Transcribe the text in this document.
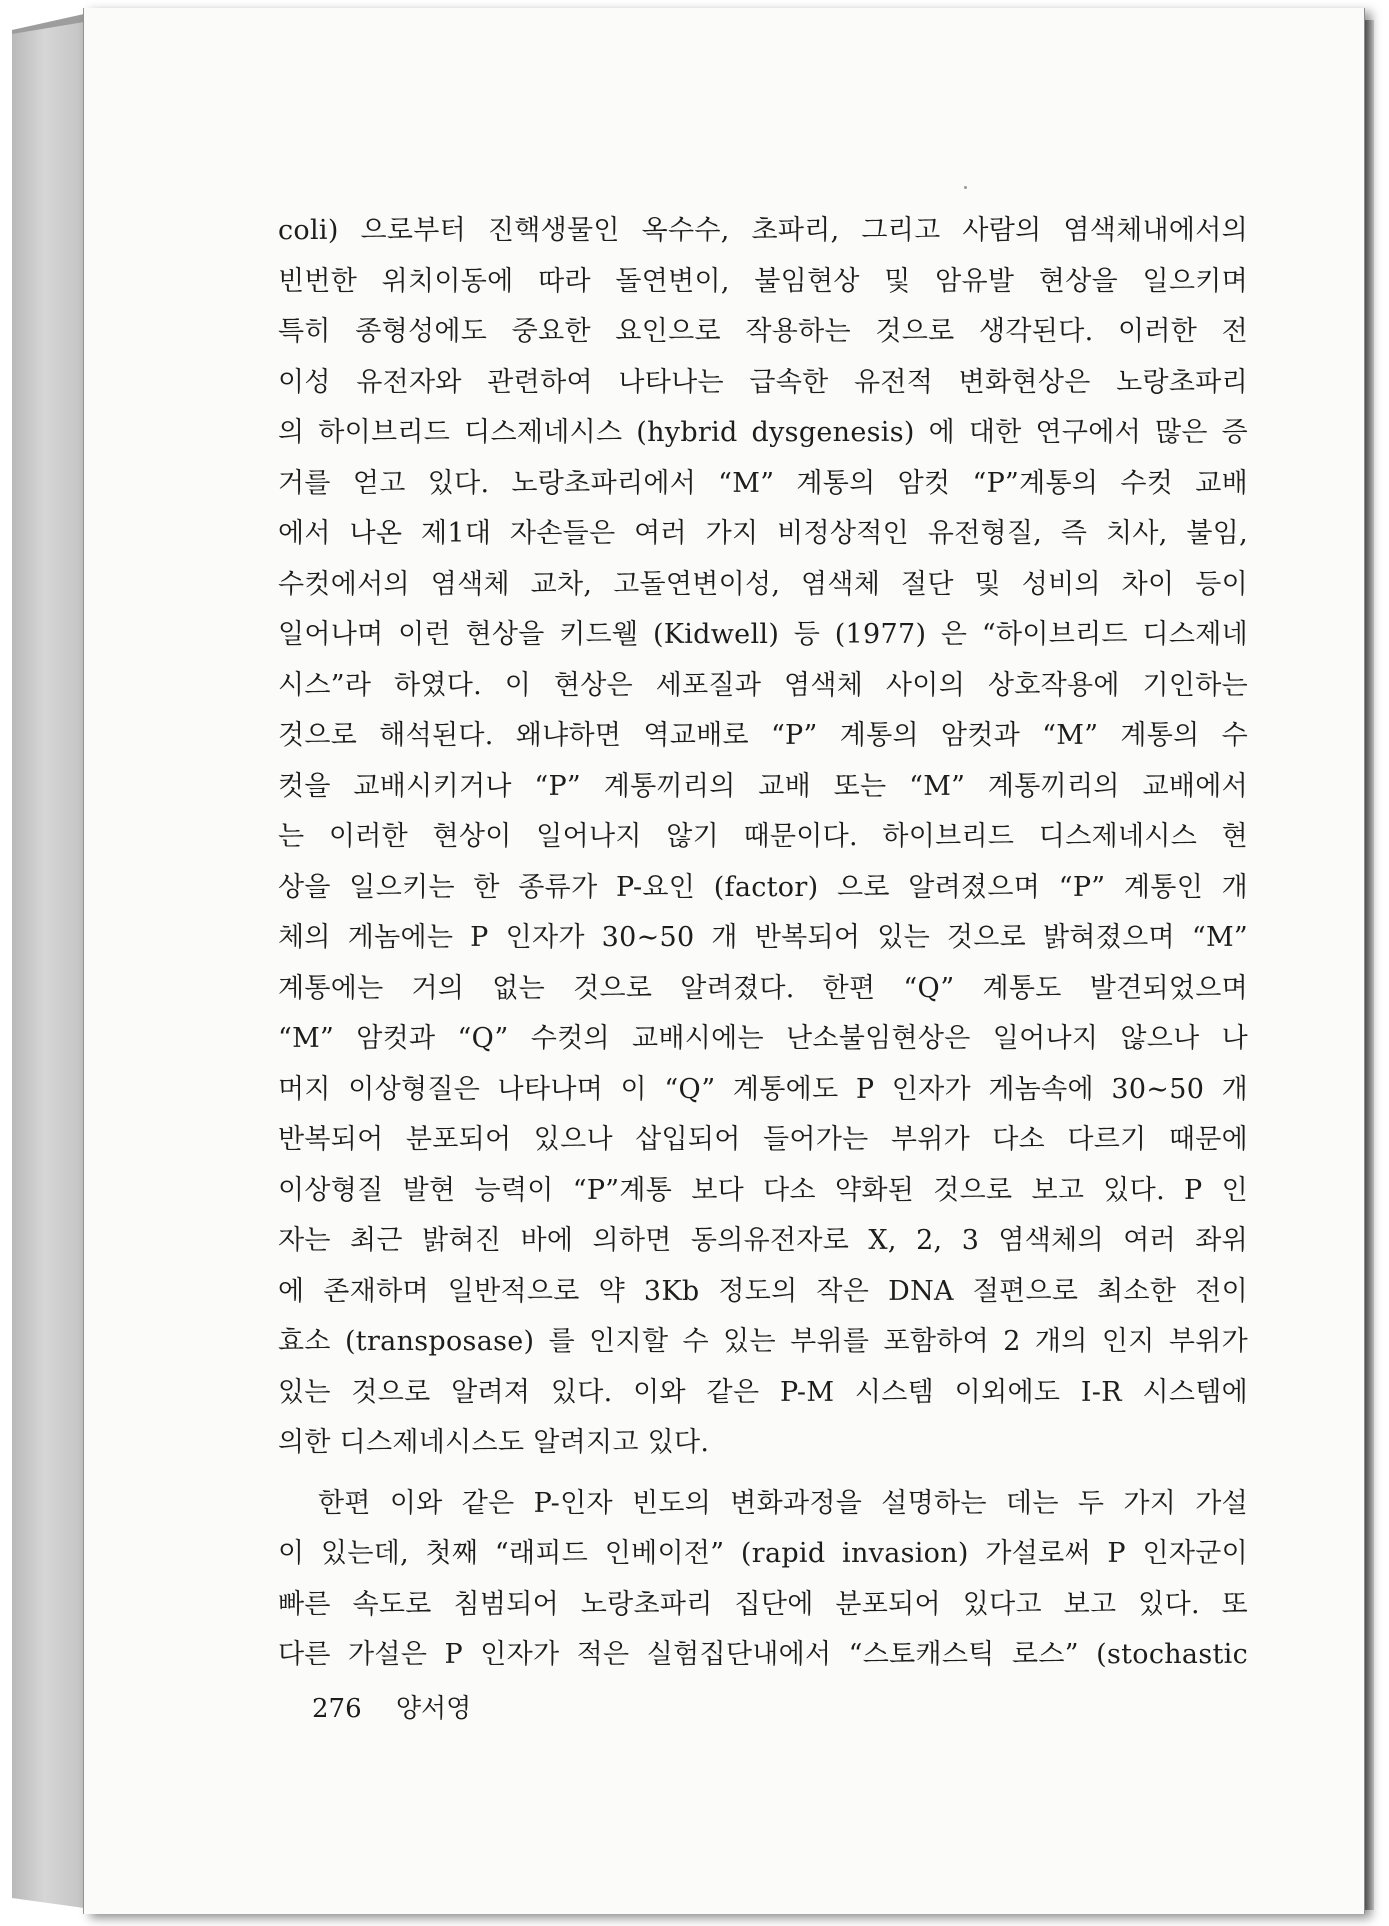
coli) 으로부터 진핵생물인 옥수수, 초파리, 그리고 사람의 염색체내에서의
빈번한 위치이동에 따라 돌연변이, 불임현상 및 암유발 현상을 일으키며
특히 종형성에도 중요한 요인으로 작용하는 것으로 생각된다. 이러한 전
이성 유전자와 관련하여 나타나는 급속한 유전적 변화현상은 노랑초파리
의 하이브리드 디스제네시스 (hybrid dysgenesis) 에 대한 연구에서 많은 증
거를 얻고 있다. 노랑초파리에서 “M” 계통의 암컷 “P”계통의 수컷 교배
에서 나온 제1대 자손들은 여러 가지 비정상적인 유전형질, 즉 치사, 불임,
수컷에서의 염색체 교차, 고돌연변이성, 염색체 절단 및 성비의 차이 등이
일어나며 이런 현상을 키드웰 (Kidwell) 등 (1977) 은 “하이브리드 디스제네
시스”라 하였다. 이 현상은 세포질과 염색체 사이의 상호작용에 기인하는
것으로 해석된다. 왜냐하면 역교배로 “P” 계통의 암컷과 “M” 계통의 수
컷을 교배시키거나 “P” 계통끼리의 교배 또는 “M” 계통끼리의 교배에서
는 이러한 현상이 일어나지 않기 때문이다. 하이브리드 디스제네시스 현
상을 일으키는 한 종류가 P-요인 (factor) 으로 알려졌으며 “P” 계통인 개
체의 게놈에는 P 인자가 30∼50 개 반복되어 있는 것으로 밝혀졌으며 “M”
계통에는 거의 없는 것으로 알려졌다. 한편 “Q” 계통도 발견되었으며
“M” 암컷과 “Q” 수컷의 교배시에는 난소불임현상은 일어나지 않으나 나
머지 이상형질은 나타나며 이 “Q” 계통에도 P 인자가 게놈속에 30∼50 개
반복되어 분포되어 있으나 삽입되어 들어가는 부위가 다소 다르기 때문에
이상형질 발현 능력이 “P”계통 보다 다소 약화된 것으로 보고 있다. P 인
자는 최근 밝혀진 바에 의하면 동의유전자로 X, 2, 3 염색체의 여러 좌위
에 존재하며 일반적으로 약 3Kb 정도의 작은 DNA 절편으로 최소한 전이
효소 (transposase) 를 인지할 수 있는 부위를 포함하여 2 개의 인지 부위가
있는 것으로 알려져 있다. 이와 같은 P-M 시스템 이외에도 I-R 시스템에
의한 디스제네시스도 알려지고 있다.
한편 이와 같은 P-인자 빈도의 변화과정을 설명하는 데는 두 가지 가설
이 있는데, 첫째 “래피드 인베이전” (rapid invasion) 가설로써 P 인자군이
빠른 속도로 침범되어 노랑초파리 집단에 분포되어 있다고 보고 있다. 또
다른 가설은 P 인자가 적은 실험집단내에서 “스토캐스틱 로스” (stochastic
276 양서영
